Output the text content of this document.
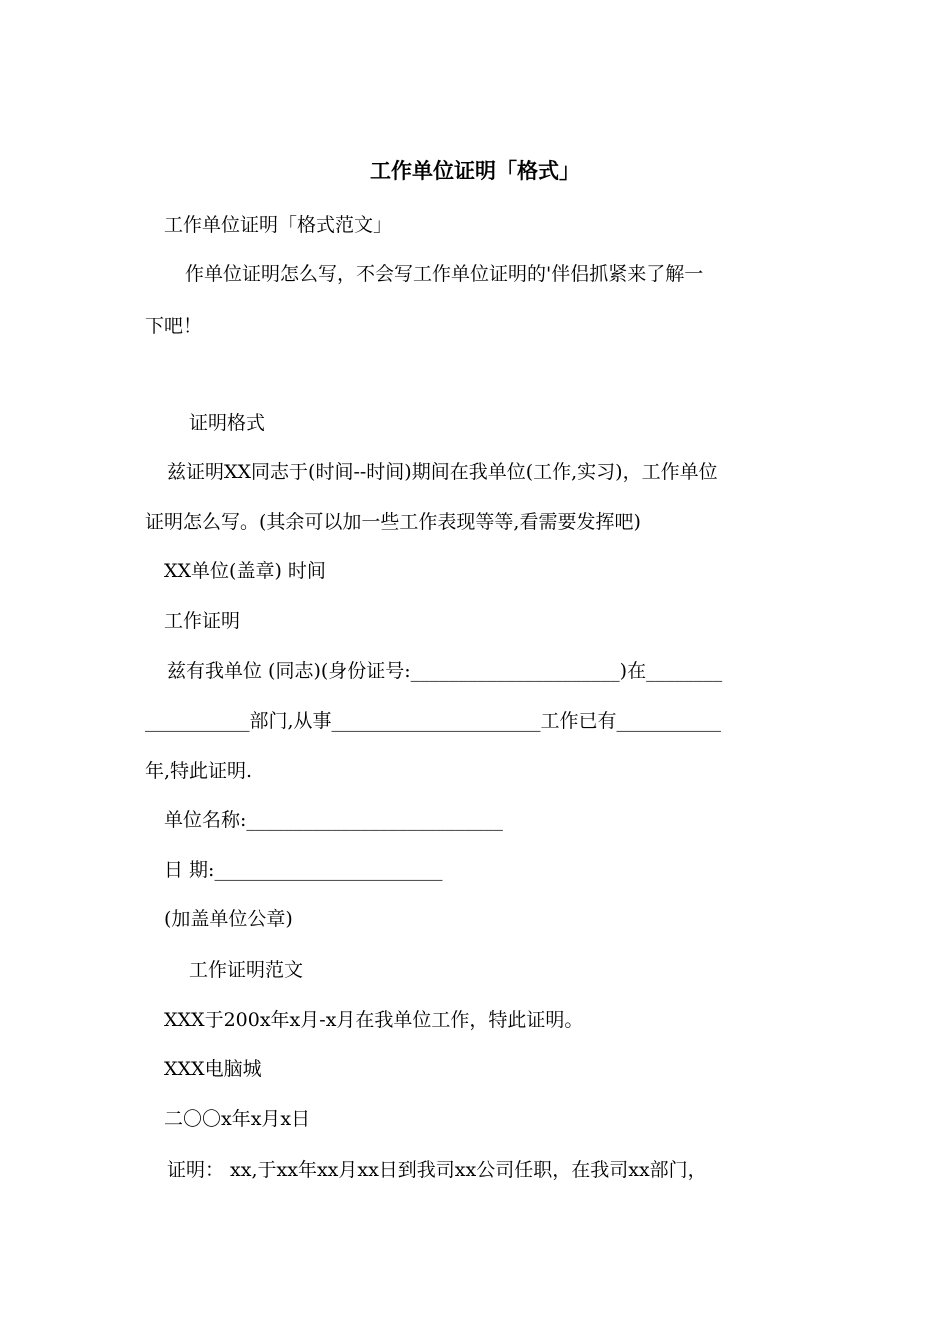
工作单位证明「格式」
工作单位证明「格式范文」
作单位证明怎么写，不会写工作单位证明的'伴侣抓紧来了解一
下吧！
证明格式
兹证明XX同志于(时间--时间)期间在我单位(工作,实习)，工作单位
证明怎么写。(其余可以加一些工作表现等等,看需要发挥吧)
XX单位(盖章) 时间
工作证明
兹有我单位 (同志)(身份证号:______________________)在________
___________部门,从事______________________工作已有___________
年,特此证明.
单位名称:___________________________
日 期:________________________
(加盖单位公章)
工作证明范文
XXX于200x年x月-x月在我单位工作，特此证明。
XXX电脑城
二〇〇x年x月x日
证明： xx,于xx年xx月xx日到我司xx公司任职，在我司xx部门，
